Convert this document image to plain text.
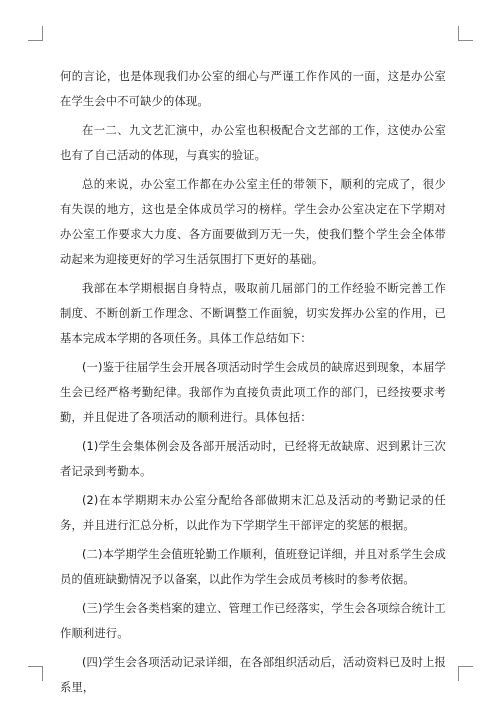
何的言论，也是体现我们办公室的细心与严谨工作作风的一面，这是办公室在学生会中不可缺少的体现。

在一二、九文艺汇演中，办公室也积极配合文艺部的工作，这使办公室也有了自己活动的体现，与真实的验证。

总的来说，办公室工作都在办公室主任的带领下，顺利的完成了，很少有失误的地方，这也是全体成员学习的榜样。学生会办公室决定在下学期对办公室工作要求大力度、各方面要做到万无一失，使我们整个学生会全体带动起来为迎接更好的学习生活氛围打下更好的基础。

我部在本学期根据自身特点，吸取前几届部门的工作经验不断完善工作制度、不断创新工作理念、不断调整工作面貌，切实发挥办公室的作用，已基本完成本学期的各项任务。具体工作总结如下：

(一)鉴于往届学生会开展各项活动时学生会成员的缺席迟到现象，本届学生会已经严格考勤纪律。我部作为直接负责此项工作的部门，已经按要求考勤，并且促进了各项活动的顺利进行。具体包括：

(1)学生会集体例会及各部开展活动时，已经将无故缺席、迟到累计三次者记录到考勤本。

(2)在本学期期末办公室分配给各部做期末汇总及活动的考勤记录的任务，并且进行汇总分析，以此作为下学期学生干部评定的奖惩的根据。

(二)本学期学生会值班轮勤工作顺利，值班登记详细，并且对系学生会成员的值班缺勤情况予以备案，以此作为学生会成员考核时的参考依据。

(三)学生会各类档案的建立、管理工作已经落实，学生会各项综合统计工作顺利进行。

(四)学生会各项活动记录详细，在各部组织活动后，活动资料已及时上报系里，
